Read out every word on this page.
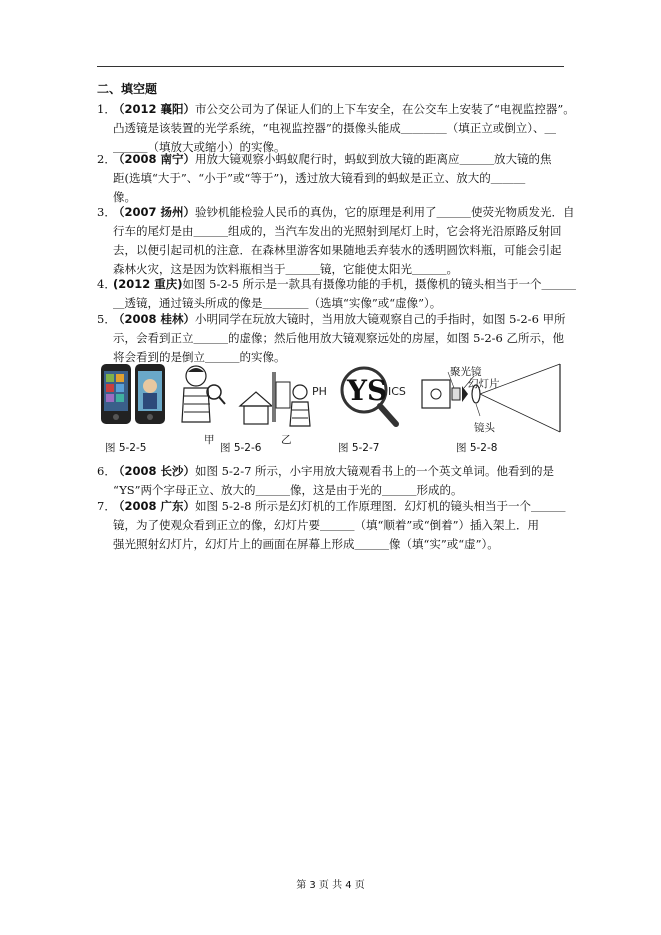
二、填空题
1．（2012 襄阳）市公交公司为了保证人们的上下车安全，在公交车上安装了“电视监控器”。
凸透镜是该装置的光学系统，“电视监控器”的摄像头能成＿＿＿＿（填正立或倒立）、＿
＿＿＿（填放大或缩小）的实像。
2．（2008 南宁）用放大镜观察小蚂蚁爬行时，蚂蚁到放大镜的距离应＿＿＿放大镜的焦
距(选填“大于”、“小于”或“等于”)，透过放大镜看到的蚂蚁是正立、放大的＿＿＿
像。
3．（2007 扬州）验钞机能检验人民币的真伪，它的原理是利用了＿＿＿使荧光物质发光．自
行车的尾灯是由＿＿＿组成的，当汽车发出的光照射到尾灯上时，它会将光沿原路反射回
去，以便引起司机的注意．在森林里游客如果随地丢弃装水的透明圆饮料瓶，可能会引起
森林火灾，这是因为饮料瓶相当于＿＿＿镜，它能使太阳光＿＿＿。
4．(2012 重庆)如图 5-2-5 所示是一款具有摄像功能的手机，摄像机的镜头相当于一个＿＿＿
＿透镜，通过镜头所成的像是＿＿＿＿（选填“实像”或“虚像”）。
5．（2008 桂林）小明同学在玩放大镜时，当用放大镜观察自己的手指时，如图 5-2-6 甲所
示，会看到正立＿＿＿的虚像；然后他用放大镜观察远处的房屋，如图 5-2-6 乙所示，他
将会看到的是倒立＿＿＿的实像。
图 5-2-5
甲
图 5-2-6
乙
PH YS ICS
图 5-2-7
聚光镜
幻灯片
镜头
图 5-2-8
6．（2008 长沙）如图 5-2-7 所示，小宇用放大镜观看书上的一个英文单词。他看到的是
“YS”两个字母正立、放大的＿＿＿像，这是由于光的＿＿＿形成的。
7．（2008 广东）如图 5-2-8 所示是幻灯机的工作原理图．幻灯机的镜头相当于一个＿＿＿
镜，为了使观众看到正立的像，幻灯片要＿＿＿（填“顺着”或“倒着”）插入架上．用
强光照射幻灯片，幻灯片上的画面在屏幕上形成＿＿＿像（填“实”或“虚”）。
第 3 页 共 4 页
